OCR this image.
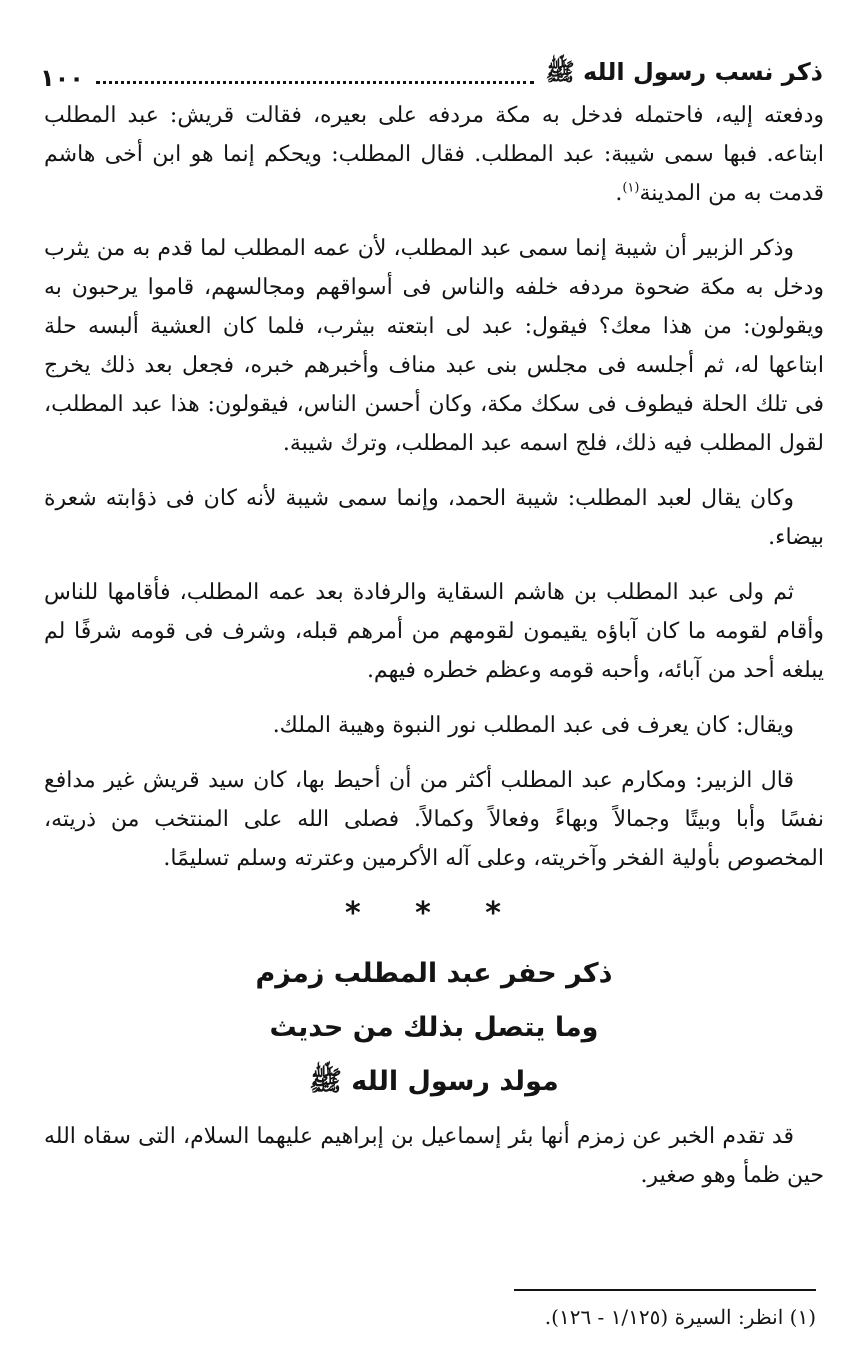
ذكر نسب رسول الله ﷺ
١٠٠

ودفعته إليه، فاحتمله فدخل به مكة مردفه على بعيره، فقالت قريش: عبد المطلب ابتاعه. فبها سمى شيبة: عبد المطلب. فقال المطلب: ويحكم إنما هو ابن أخى هاشم قدمت به من المدينة$^{(١)}$.

وذكر الزبير أن شيبة إنما سمى عبد المطلب، لأن عمه المطلب لما قدم به من يثرب ودخل به مكة ضحوة مردفه خلفه والناس فى أسواقهم ومجالسهم، قاموا يرحبون به ويقولون: من هذا معك؟ فيقول: عبد لى ابتعته بيثرب، فلما كان العشية ألبسه حلة ابتاعها له، ثم أجلسه فى مجلس بنى عبد مناف وأخبرهم خبره، فجعل بعد ذلك يخرج فى تلك الحلة فيطوف فى سكك مكة، وكان أحسن الناس، فيقولون: هذا عبد المطلب، لقول المطلب فيه ذلك، فلج اسمه عبد المطلب، وترك شيبة.

وكان يقال لعبد المطلب: شيبة الحمد، وإنما سمى شيبة لأنه كان فى ذؤابته شعرة بيضاء.

ثم ولى عبد المطلب بن هاشم السقاية والرفادة بعد عمه المطلب، فأقامها للناس وأقام لقومه ما كان آباؤه يقيمون لقومهم من أمرهم قبله، وشرف فى قومه شرفًا لم يبلغه أحد من آبائه، وأحبه قومه وعظم خطره فيهم.

ويقال: كان يعرف فى عبد المطلب نور النبوة وهيبة الملك.

قال الزبير: ومكارم عبد المطلب أكثر من أن أحيط بها، كان سيد قريش غير مدافع نفسًا وأبا وبيتًا وجمالاً وبهاءً وفعالاً وكمالاً. فصلى الله على المنتخب من ذريته، المخصوص بأولية الفخر وآخريته، وعلى آله الأكرمين وعترته وسلم تسليمًا.

* * *
ذكر حفر عبد المطلب زمزم
وما يتصل بذلك من حديث
مولد رسول الله ﷺ

قد تقدم الخبر عن زمزم أنها بئر إسماعيل بن إبراهيم عليهما السلام، التى سقاه الله حين ظمأ وهو صغير.

(١) انظر: السيرة (١/١٢٥ - ١٢٦).
